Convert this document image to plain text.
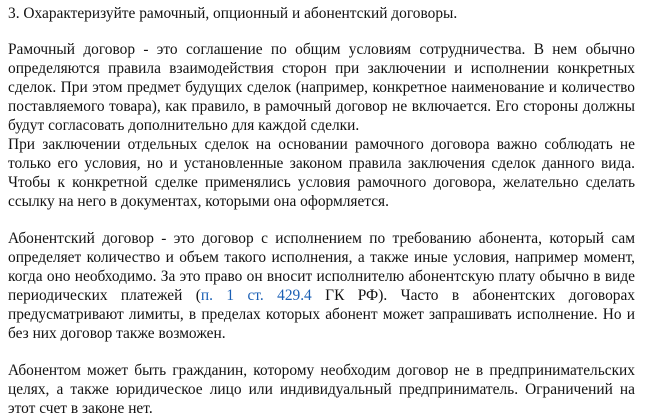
3. Охарактеризуйте рамочный, опционный и абонентский договоры.

Рамочный договор - это соглашение по общим условиям сотрудничества. В нем обычно определяются правила взаимодействия сторон при заключении и исполнении конкретных сделок. При этом предмет будущих сделок (например, конкретное наименование и количество поставляемого товара), как правило, в рамочный договор не включается. Его стороны должны будут согласовать дополнительно для каждой сделки.

При заключении отдельных сделок на основании рамочного договора важно соблюдать не только его условия, но и установленные законом правила заключения сделок данного вида. Чтобы к конкретной сделке применялись условия рамочного договора, желательно сделать ссылку на него в документах, которыми она оформляется.

Абонентский договор - это договор с исполнением по требованию абонента, который сам определяет количество и объем такого исполнения, а также иные условия, например момент, когда оно необходимо. За это право он вносит исполнителю абонентскую плату обычно в виде периодических платежей (п. 1 ст. 429.4 ГК РФ). Часто в абонентских договорах предусматривают лимиты, в пределах которых абонент может запрашивать исполнение. Но и без них договор также возможен.

Абонентом может быть гражданин, которому необходим договор не в предпринимательских целях, а также юридическое лицо или индивидуальный предприниматель. Ограничений на этот счет в законе нет.
